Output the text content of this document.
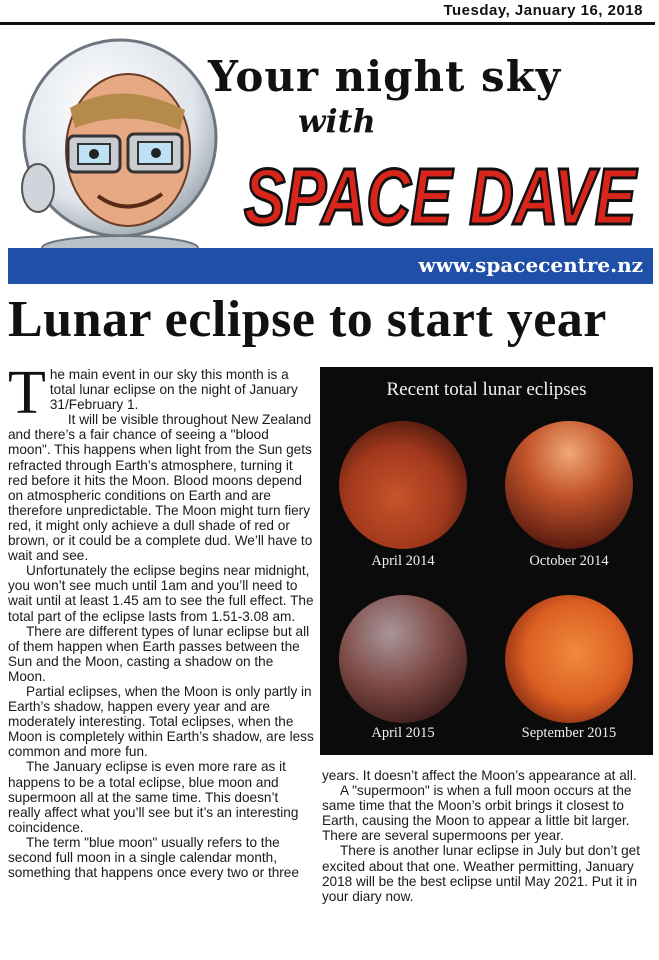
Tuesday, January 16, 2018
Your night sky
with
SPACE DAVE
www.spacecentre.nz
Lunar eclipse to start year

The main event in our sky this month is a total lunar eclipse on the night of January 31/February 1.

It will be visible throughout New Zealand and there’s a fair chance of seeing a "blood moon". This happens when light from the Sun gets refracted through Earth’s atmosphere, turning it red before it hits the Moon. Blood moons depend on atmospheric conditions on Earth and are therefore unpredictable. The Moon might turn fiery red, it might only achieve a dull shade of red or brown, or it could be a complete dud. We’ll have to wait and see.

Unfortunately the eclipse begins near midnight, you won’t see much until 1am and you’ll need to wait until at least 1.45 am to see the full effect. The total part of the eclipse lasts from 1.51-3.08 am.

There are different types of lunar eclipse but all of them happen when Earth passes between the Sun and the Moon, casting a shadow on the Moon.

Partial eclipses, when the Moon is only partly in Earth’s shadow, happen every year and are moderately interesting. Total eclipses, when the Moon is completely within Earth’s shadow, are less common and more fun.

The January eclipse is even more rare as it happens to be a total eclipse, blue moon and supermoon all at the same time. This doesn’t really affect what you’ll see but it’s an interesting coincidence.

The term "blue moon" usually refers to the second full moon in a single calendar month, something that happens once every two or three

Recent total lunar eclipses
April 2014	October 2014
April 2015	September 2015

years. It doesn’t affect the Moon’s appearance at all.

A "supermoon" is when a full moon occurs at the same time that the Moon’s orbit brings it closest to Earth, causing the Moon to appear a little bit larger. There are several supermoons per year.

There is another lunar eclipse in July but don’t get excited about that one. Weather permitting, January 2018 will be the best eclipse until May 2021. Put it in your diary now.
